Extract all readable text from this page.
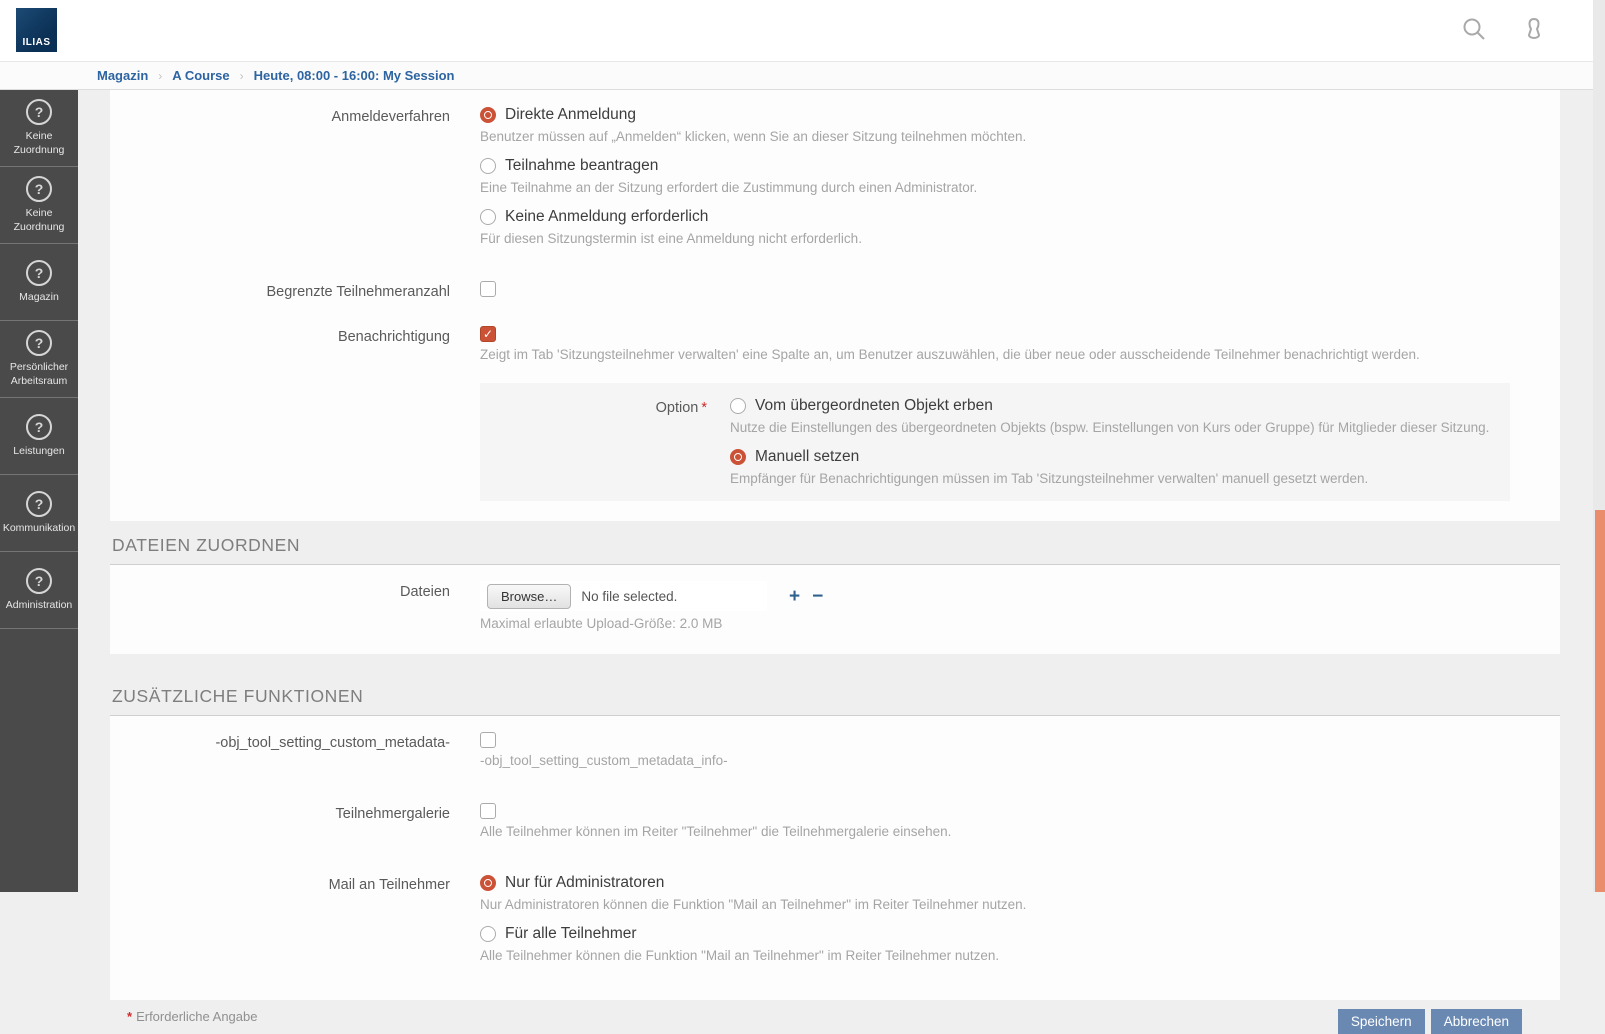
ILIAS
Magazin › A Course › Heute, 08:00 - 16:00: My Session
?
Keine Zuordnung
?
Keine Zuordnung
?
Magazin
?
Persönlicher Arbeitsraum
?
Leistungen
?
Kommunikation
?
Administration
Anmeldeverfahren	Direkte Anmeldung
Benutzer müssen auf „Anmelden“ klicken, wenn Sie an dieser Sitzung teilnehmen möchten.
Teilnahme beantragen
Eine Teilnahme an der Sitzung erfordert die Zustimmung durch einen Administrator.
Keine Anmeldung erforderlich
Für diesen Sitzungstermin ist eine Anmeldung nicht erforderlich.
Begrenzte Teilnehmeranzahl
Benachrichtigung	✓
Zeigt im Tab 'Sitzungsteilnehmer verwalten' eine Spalte an, um Benutzer auszuwählen, die über neue oder ausscheidende Teilnehmer benachrichtigt werden.
Option *	Vom übergeordneten Objekt erben
Nutze die Einstellungen des übergeordneten Objekts (bspw. Einstellungen von Kurs oder Gruppe) für Mitglieder dieser Sitzung.
Manuell setzen
Empfänger für Benachrichtigungen müssen im Tab 'Sitzungsteilnehmer verwalten' manuell gesetzt werden.
DATEIEN ZUORDNEN
Dateien	Browse…	No file selected.	+ −
Maximal erlaubte Upload-Größe: 2.0 MB
ZUSÄTZLICHE FUNKTIONEN
-obj_tool_setting_custom_metadata-
-obj_tool_setting_custom_metadata_info-
Teilnehmergalerie
Alle Teilnehmer können im Reiter "Teilnehmer" die Teilnehmergalerie einsehen.
Mail an Teilnehmer	Nur für Administratoren
Nur Administratoren können die Funktion "Mail an Teilnehmer" im Reiter Teilnehmer nutzen.
Für alle Teilnehmer
Alle Teilnehmer können die Funktion "Mail an Teilnehmer" im Reiter Teilnehmer nutzen.
* Erforderliche Angabe	Speichern	Abbrechen
